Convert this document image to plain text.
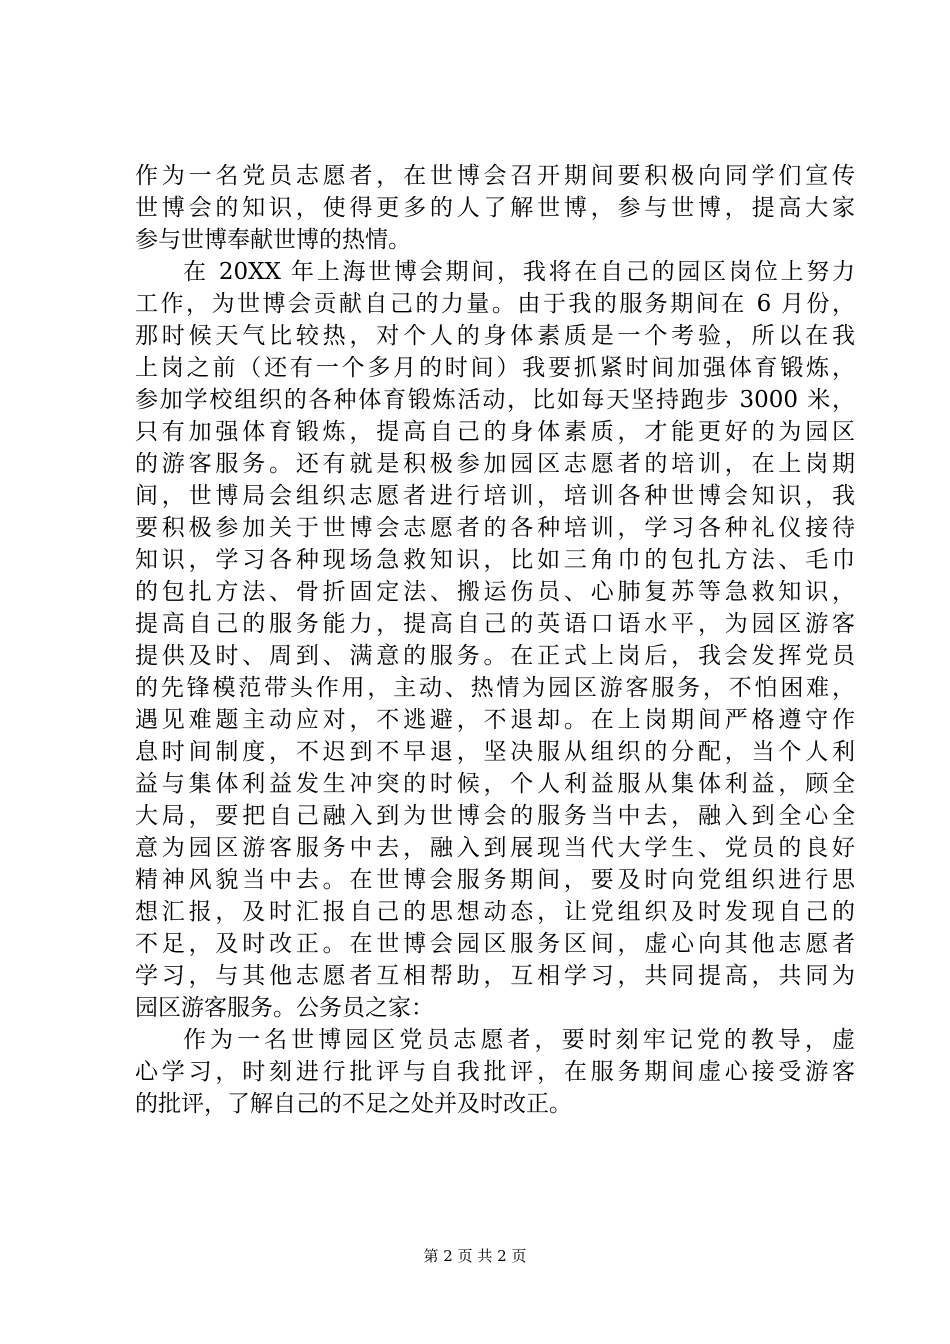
作为一名党员志愿者，在世博会召开期间要积极向同学们宣传
世博会的知识，使得更多的人了解世博，参与世博，提高大家
参与世博奉献世博的热情。
在 20XX 年上海世博会期间，我将在自己的园区岗位上努力
工作，为世博会贡献自己的力量。由于我的服务期间在 6 月份，
那时候天气比较热，对个人的身体素质是一个考验，所以在我
上岗之前（还有一个多月的时间）我要抓紧时间加强体育锻炼，
参加学校组织的各种体育锻炼活动，比如每天坚持跑步 3000 米，
只有加强体育锻炼，提高自己的身体素质，才能更好的为园区
的游客服务。还有就是积极参加园区志愿者的培训，在上岗期
间，世博局会组织志愿者进行培训，培训各种世博会知识，我
要积极参加关于世博会志愿者的各种培训，学习各种礼仪接待
知识，学习各种现场急救知识，比如三角巾的包扎方法、毛巾
的包扎方法、骨折固定法、搬运伤员、心肺复苏等急救知识，
提高自己的服务能力，提高自己的英语口语水平，为园区游客
提供及时、周到、满意的服务。在正式上岗后，我会发挥党员
的先锋模范带头作用，主动、热情为园区游客服务，不怕困难，
遇见难题主动应对，不逃避，不退却。在上岗期间严格遵守作
息时间制度，不迟到不早退，坚决服从组织的分配，当个人利
益与集体利益发生冲突的时候，个人利益服从集体利益，顾全
大局，要把自己融入到为世博会的服务当中去，融入到全心全
意为园区游客服务中去，融入到展现当代大学生、党员的良好
精神风貌当中去。在世博会服务期间，要及时向党组织进行思
想汇报，及时汇报自己的思想动态，让党组织及时发现自己的
不足，及时改正。在世博会园区服务区间，虚心向其他志愿者
学习，与其他志愿者互相帮助，互相学习，共同提高，共同为
园区游客服务。公务员之家：
作为一名世博园区党员志愿者，要时刻牢记党的教导，虚
心学习，时刻进行批评与自我批评，在服务期间虚心接受游客
的批评，了解自己的不足之处并及时改正。
第 2 页 共 2 页
